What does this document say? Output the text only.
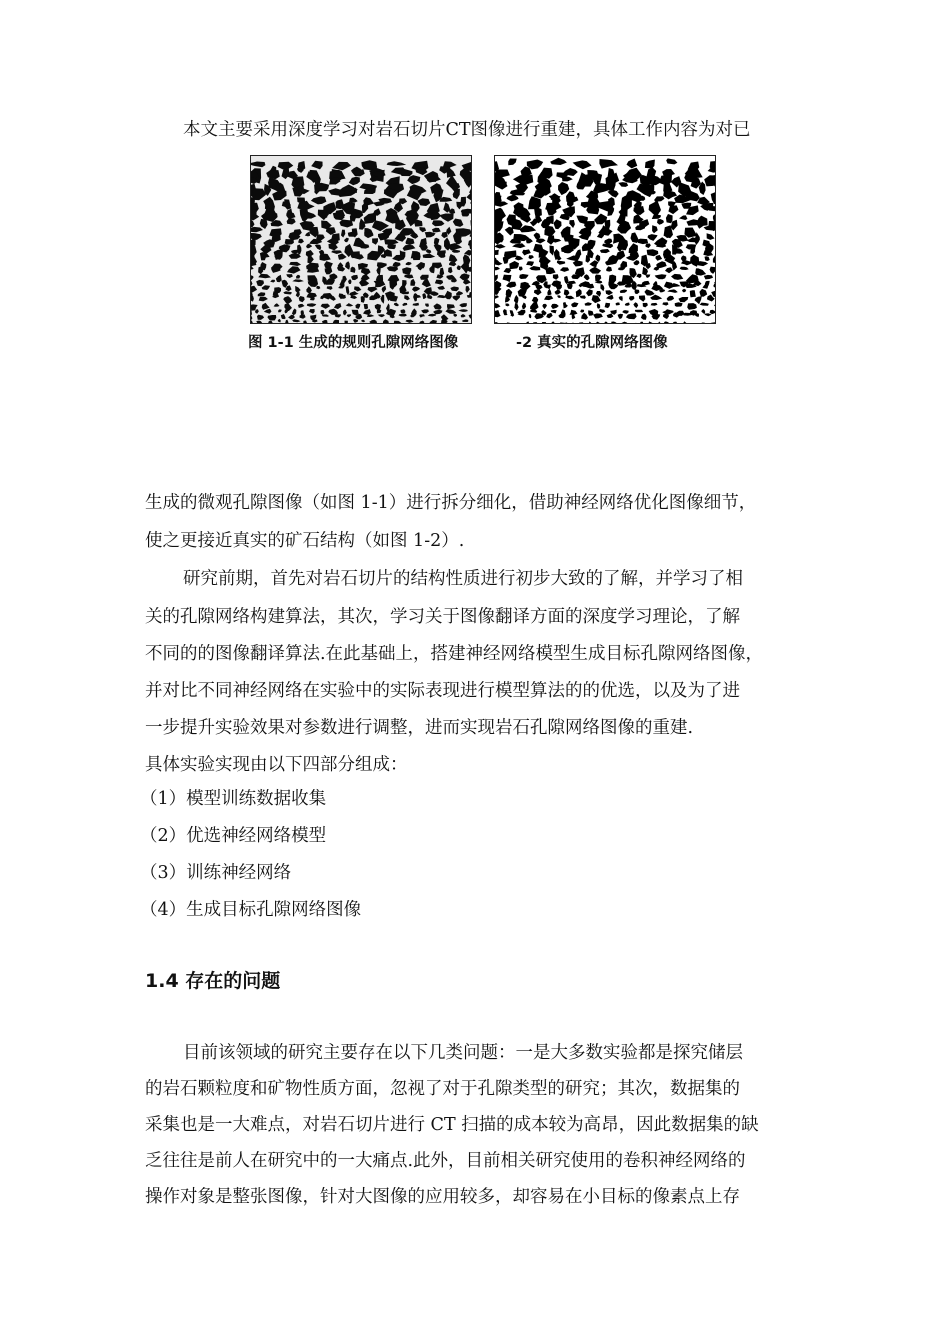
本文主要采用深度学习对岩石切片CT图像进行重建，具体工作内容为对已
图 1-1 生成的规则孔隙网络图像	-2 真实的孔隙网络图像
生成的微观孔隙图像（如图 1-1）进行拆分细化，借助神经网络优化图像细节，
使之更接近真实的矿石结构（如图 1-2）.
研究前期，首先对岩石切片的结构性质进行初步大致的了解，并学习了相
关的孔隙网络构建算法，其次，学习关于图像翻译方面的深度学习理论，了解
不同的的图像翻译算法.在此基础上，搭建神经网络模型生成目标孔隙网络图像，
并对比不同神经网络在实验中的实际表现进行模型算法的的优选，以及为了进
一步提升实验效果对参数进行调整，进而实现岩石孔隙网络图像的重建.
具体实验实现由以下四部分组成：
（1）模型训练数据收集
（2）优选神经网络模型
（3）训练神经网络
（4）生成目标孔隙网络图像
1.4 存在的问题
目前该领域的研究主要存在以下几类问题：一是大多数实验都是探究储层
的岩石颗粒度和矿物性质方面，忽视了对于孔隙类型的研究；其次，数据集的
采集也是一大难点，对岩石切片进行 CT 扫描的成本较为高昂，因此数据集的缺
乏往往是前人在研究中的一大痛点.此外，目前相关研究使用的卷积神经网络的
操作对象是整张图像，针对大图像的应用较多，却容易在小目标的像素点上存
